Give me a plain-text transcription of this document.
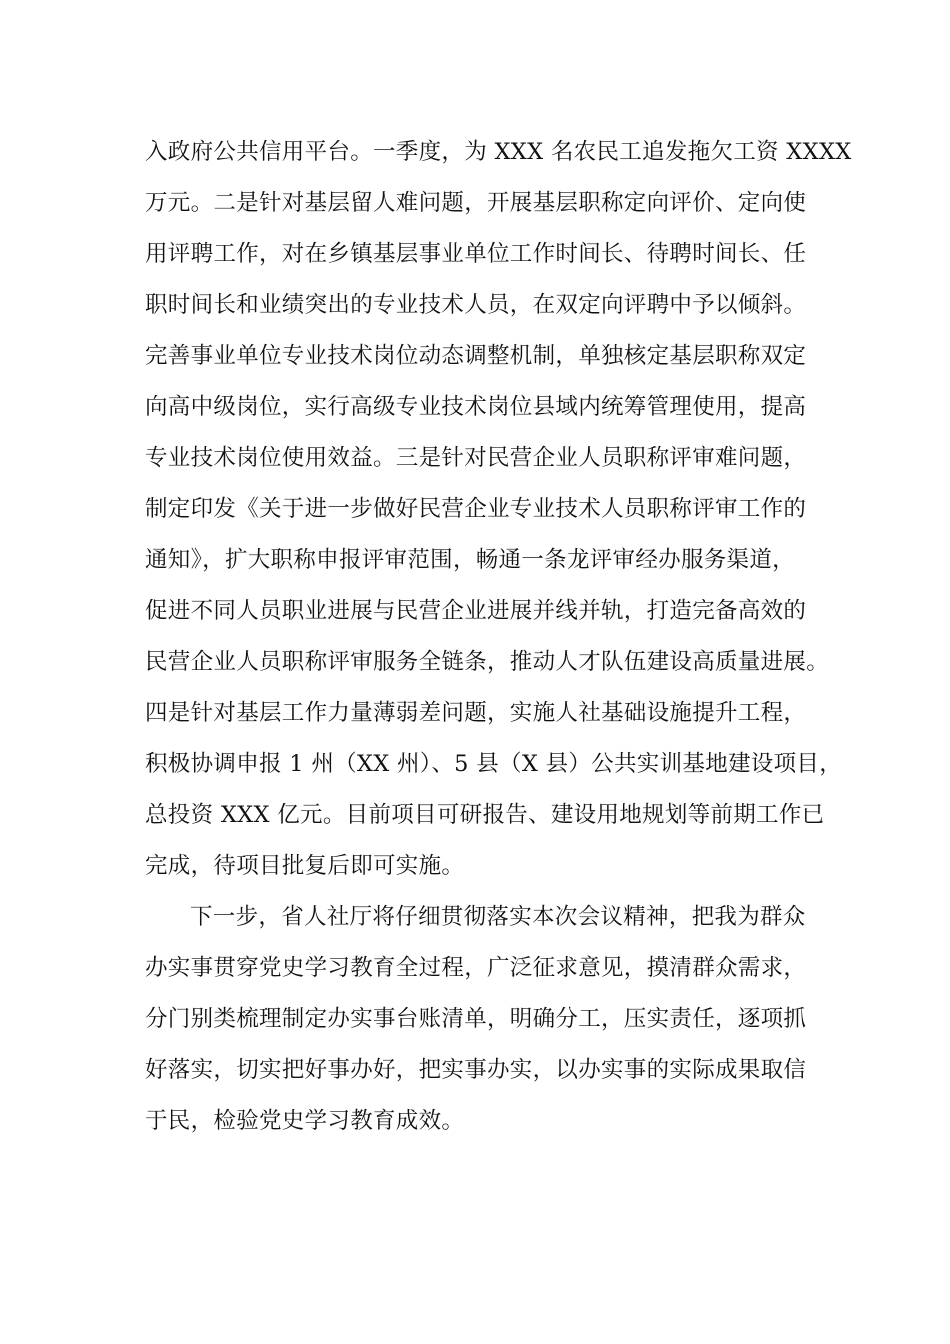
入政府公共信用平台。一季度，为 XXX 名农民工追发拖欠工资 XXXX
万元。二是针对基层留人难问题，开展基层职称定向评价、定向使
用评聘工作，对在乡镇基层事业单位工作时间长、待聘时间长、任
职时间长和业绩突出的专业技术人员，在双定向评聘中予以倾斜。
完善事业单位专业技术岗位动态调整机制，单独核定基层职称双定
向高中级岗位，实行高级专业技术岗位县域内统筹管理使用，提高
专业技术岗位使用效益。三是针对民营企业人员职称评审难问题，
制定印发《关于进一步做好民营企业专业技术人员职称评审工作的
通知》，扩大职称申报评审范围，畅通一条龙评审经办服务渠道，
促进不同人员职业进展与民营企业进展并线并轨，打造完备高效的
民营企业人员职称评审服务全链条，推动人才队伍建设高质量进展。
四是针对基层工作力量薄弱差问题，实施人社基础设施提升工程，
积极协调申报 1 州（XX 州）、5 县（X 县）公共实训基地建设项目，
总投资 XXX 亿元。目前项目可研报告、建设用地规划等前期工作已
完成，待项目批复后即可实施。
下一步，省人社厅将仔细贯彻落实本次会议精神，把我为群众
办实事贯穿党史学习教育全过程，广泛征求意见，摸清群众需求，
分门别类梳理制定办实事台账清单，明确分工，压实责任，逐项抓
好落实，切实把好事办好，把实事办实，以办实事的实际成果取信
于民，检验党史学习教育成效。
